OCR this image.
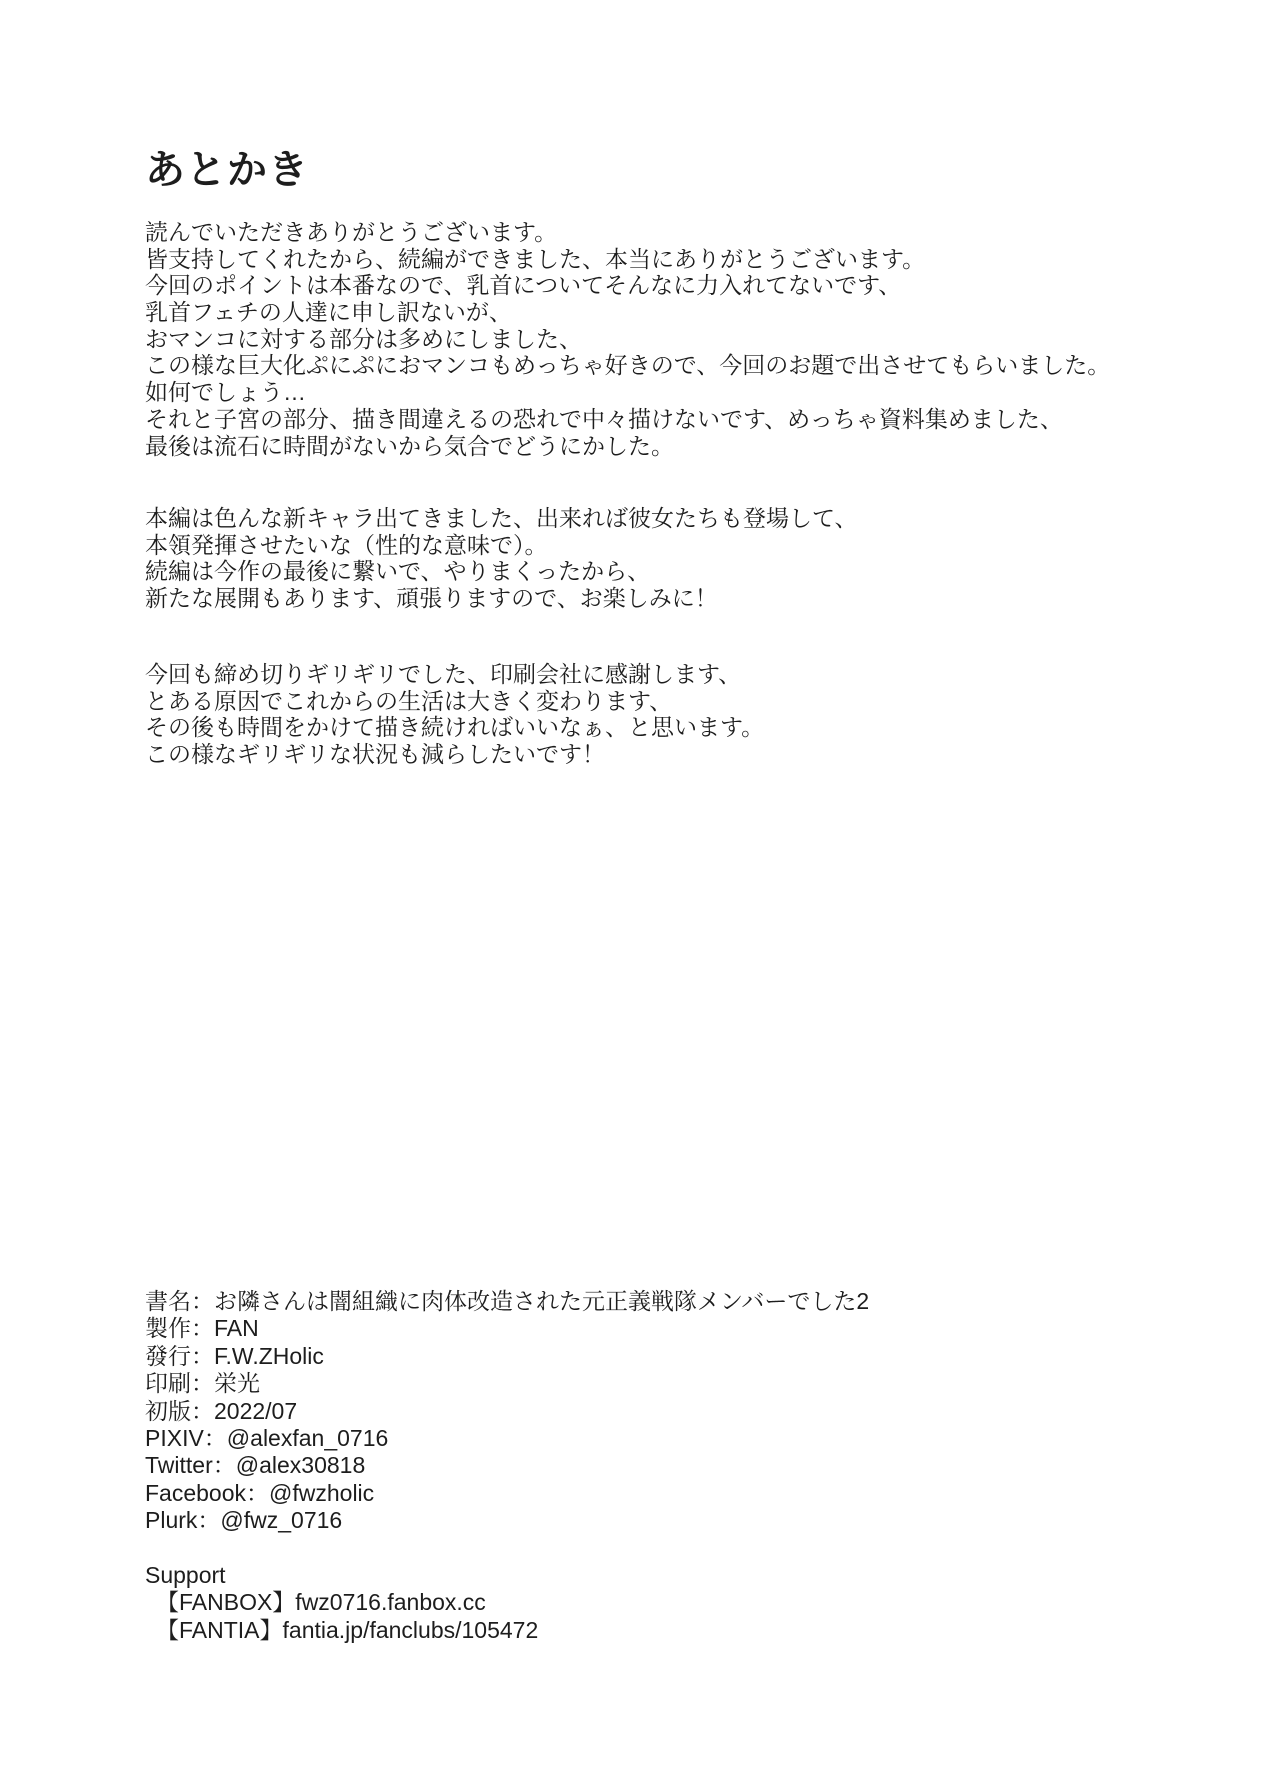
あとかき
読んでいただきありがとうございます。
皆支持してくれたから、続編ができました、本当にありがとうございます。
今回のポイントは本番なので、乳首についてそんなに力入れてないです、
乳首フェチの人達に申し訳ないが、
おマンコに対する部分は多めにしました、
この様な巨大化ぷにぷにおマンコもめっちゃ好きので、今回のお題で出させてもらいました。
如何でしょう…
それと子宮の部分、描き間違えるの恐れで中々描けないです、めっちゃ資料集めました、
最後は流石に時間がないから気合でどうにかした。
本編は色んな新キャラ出てきました、出来れば彼女たちも登場して、
本領発揮させたいな（性的な意味で）。
続編は今作の最後に繋いで、やりまくったから、
新たな展開もあります、頑張りますので、お楽しみに！
今回も締め切りギリギリでした、印刷会社に感謝します、
とある原因でこれからの生活は大きく変わります、
その後も時間をかけて描き続ければいいなぁ、と思います。
この様なギリギリな状況も減らしたいです！
書名：お隣さんは闇組織に肉体改造された元正義戦隊メンバーでした2
製作：FAN
發行：F.W.ZHolic
印刷：栄光
初版：2022/07
PIXIV：@alexfan_0716
Twitter：@alex30818
Facebook：@fwzholic
Plurk：@fwz_0716
Support
【FANBOX】fwz0716.fanbox.cc
【FANTIA】fantia.jp/fanclubs/105472
